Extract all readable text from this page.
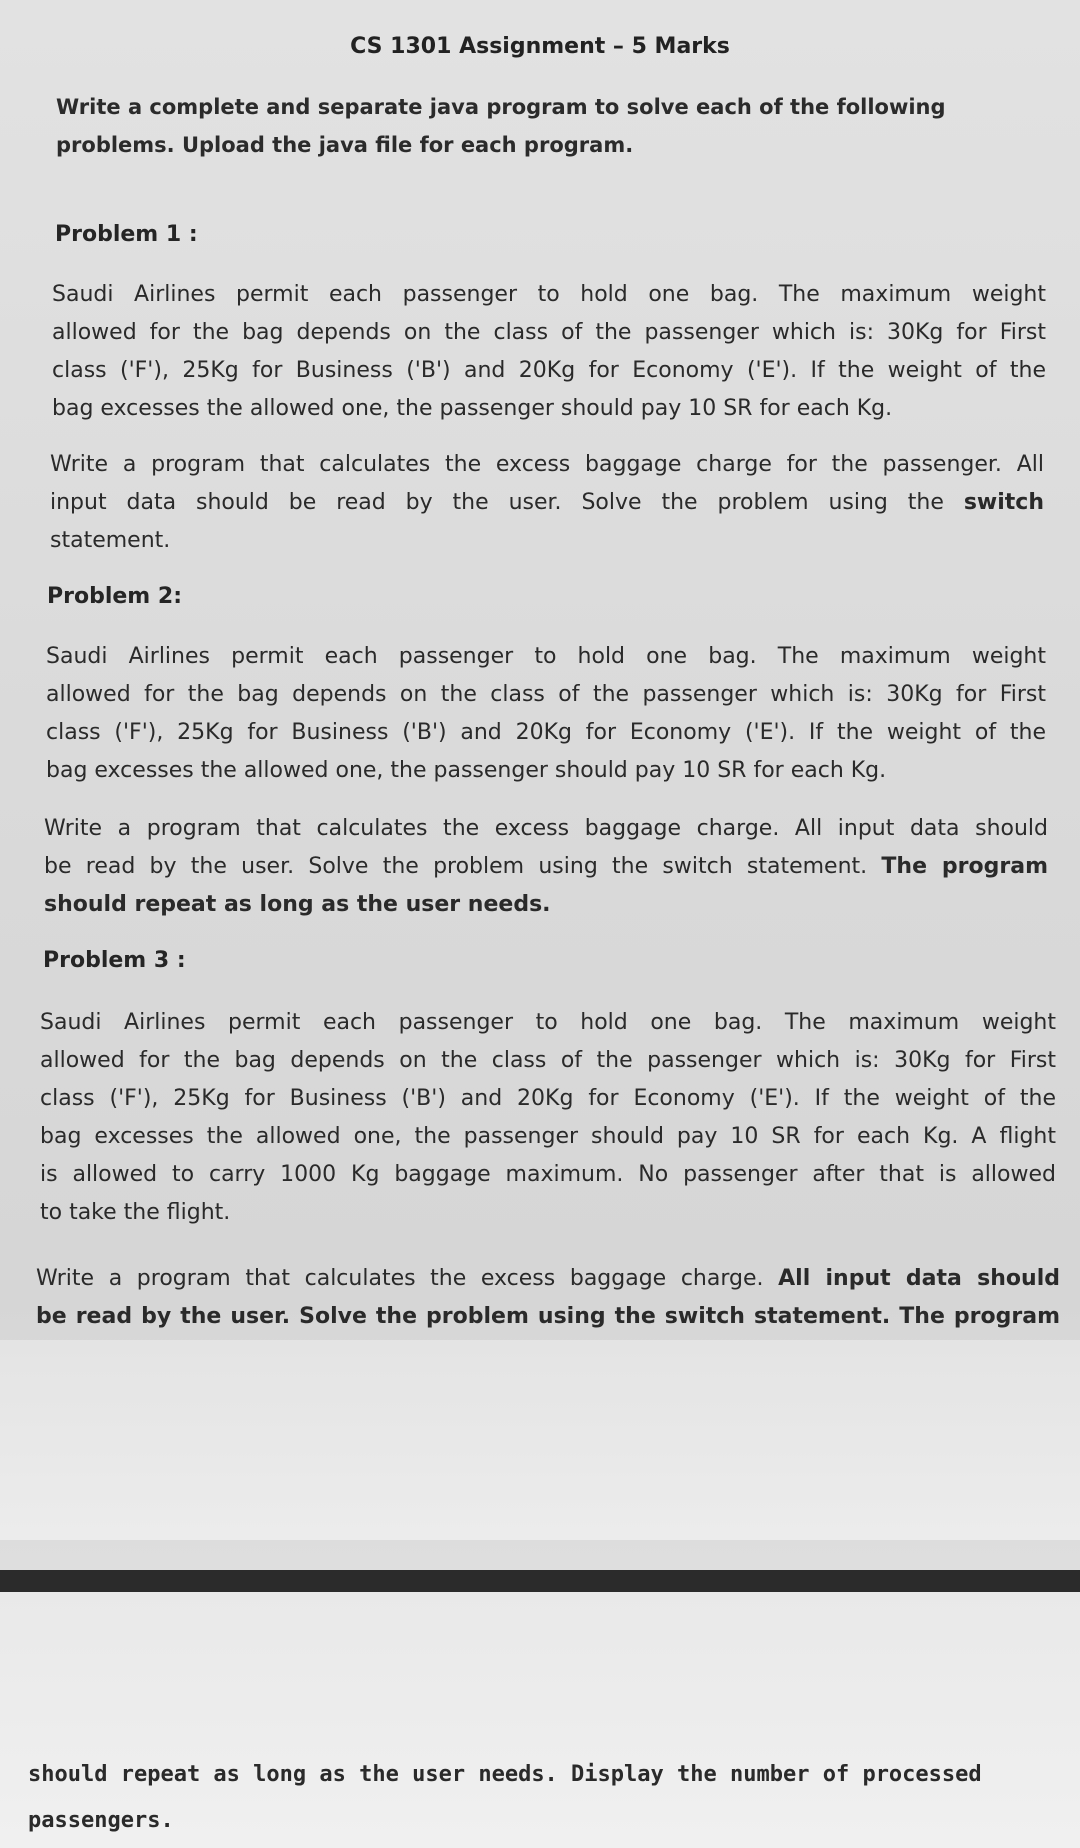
CS 1301 Assignment – 5 Marks
Write a complete and separate java program to solve each of the following
problems. Upload the java file for each program.
Problem 1 :
Saudi Airlines permit each passenger to hold one bag. The maximum weight
allowed for the bag depends on the class of the passenger which is: 30Kg for First
class ('F'), 25Kg for Business ('B') and 20Kg for Economy ('E'). If the weight of the
bag excesses the allowed one, the passenger should pay 10 SR for each Kg.
Write a program that calculates the excess baggage charge for the passenger. All
input data should be read by the user. Solve the problem using the switch
statement.
Problem 2:
Saudi Airlines permit each passenger to hold one bag. The maximum weight
allowed for the bag depends on the class of the passenger which is: 30Kg for First
class ('F'), 25Kg for Business ('B') and 20Kg for Economy ('E'). If the weight of the
bag excesses the allowed one, the passenger should pay 10 SR for each Kg.
Write a program that calculates the excess baggage charge. All input data should
be read by the user. Solve the problem using the switch statement. The program
should repeat as long as the user needs.
Problem 3 :
Saudi Airlines permit each passenger to hold one bag. The maximum weight
allowed for the bag depends on the class of the passenger which is: 30Kg for First
class ('F'), 25Kg for Business ('B') and 20Kg for Economy ('E'). If the weight of the
bag excesses the allowed one, the passenger should pay 10 SR for each Kg. A flight
is allowed to carry 1000 Kg baggage maximum. No passenger after that is allowed
to take the flight.
Write a program that calculates the excess baggage charge. All input data should
be read by the user. Solve the problem using the switch statement. The program
should repeat as long as the user needs. Display the number of processed
passengers.
